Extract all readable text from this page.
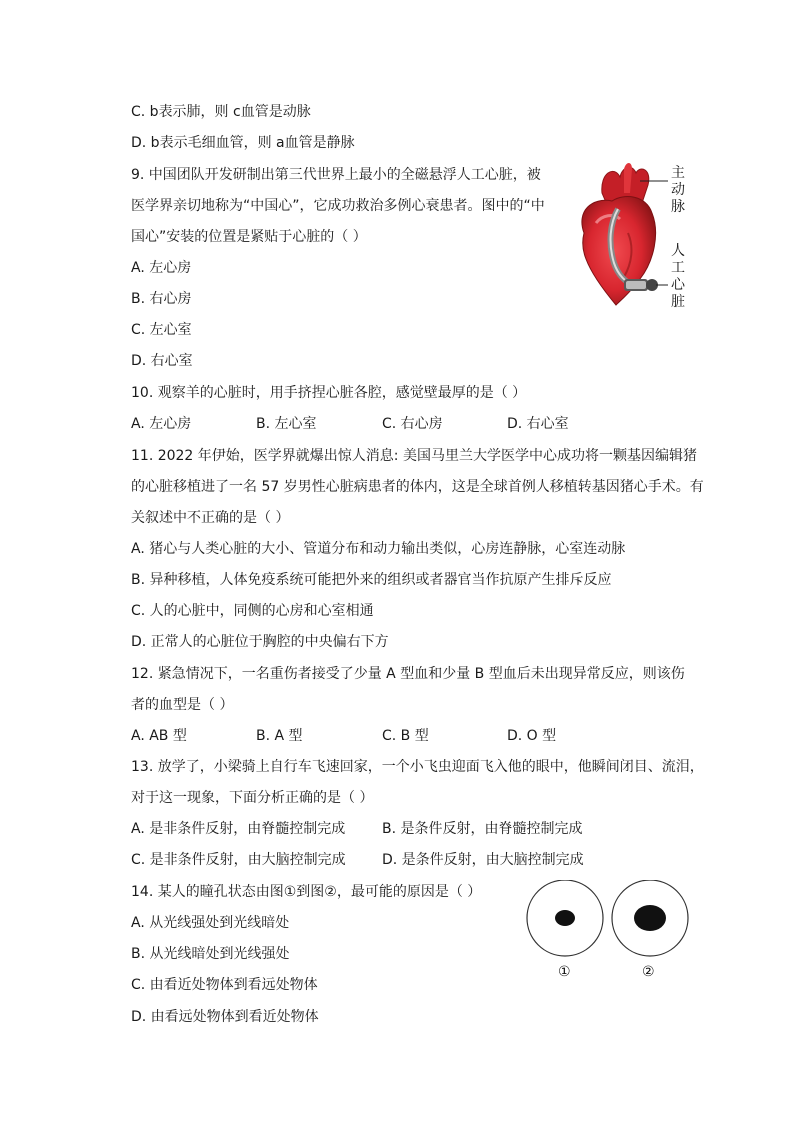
C. b表示肺，则 c血管是动脉
D. b表示毛细血管，则 a血管是静脉
9. 中国团队开发研制出第三代世界上最小的全磁悬浮人工心脏，被
医学界亲切地称为“中国心”，它成功救治多例心衰患者。图中的“中
国心”安装的位置是紧贴于心脏的（ ）
A. 左心房
B. 右心房
C. 左心室
D. 右心室
主
动
脉
人
工
心
脏
10. 观察羊的心脏时，用手挤捏心脏各腔，感觉壁最厚的是（ ）
A. 左心房	B. 左心室	C. 右心房	D. 右心室
11. 2022 年伊始，医学界就爆出惊人消息: 美国马里兰大学医学中心成功将一颗基因编辑猪
的心脏移植进了一名 57 岁男性心脏病患者的体内，这是全球首例人移植转基因猪心手术。有
关叙述中不正确的是（ ）
A. 猪心与人类心脏的大小、管道分布和动力输出类似，心房连静脉，心室连动脉
B. 异种移植，人体免疫系统可能把外来的组织或者器官当作抗原产生排斥反应
C. 人的心脏中，同侧的心房和心室相通
D. 正常人的心脏位于胸腔的中央偏右下方
12. 紧急情况下，一名重伤者接受了少量 A 型血和少量 B 型血后未出现异常反应，则该伤
者的血型是（ ）
A. AB 型	B. A 型	C. B 型	D. O 型
13. 放学了，小梁骑上自行车飞速回家，一个小飞虫迎面飞入他的眼中，他瞬间闭目、流泪，
对于这一现象，下面分析正确的是（ ）
A. 是非条件反射，由脊髓控制完成	B. 是条件反射，由脊髓控制完成
C. 是非条件反射，由大脑控制完成	D. 是条件反射，由大脑控制完成
14. 某人的瞳孔状态由图①到图②，最可能的原因是（ ）
A. 从光线强处到光线暗处
B. 从光线暗处到光线强处
C. 由看近处物体到看远处物体
D. 由看远处物体到看近处物体
①	②
